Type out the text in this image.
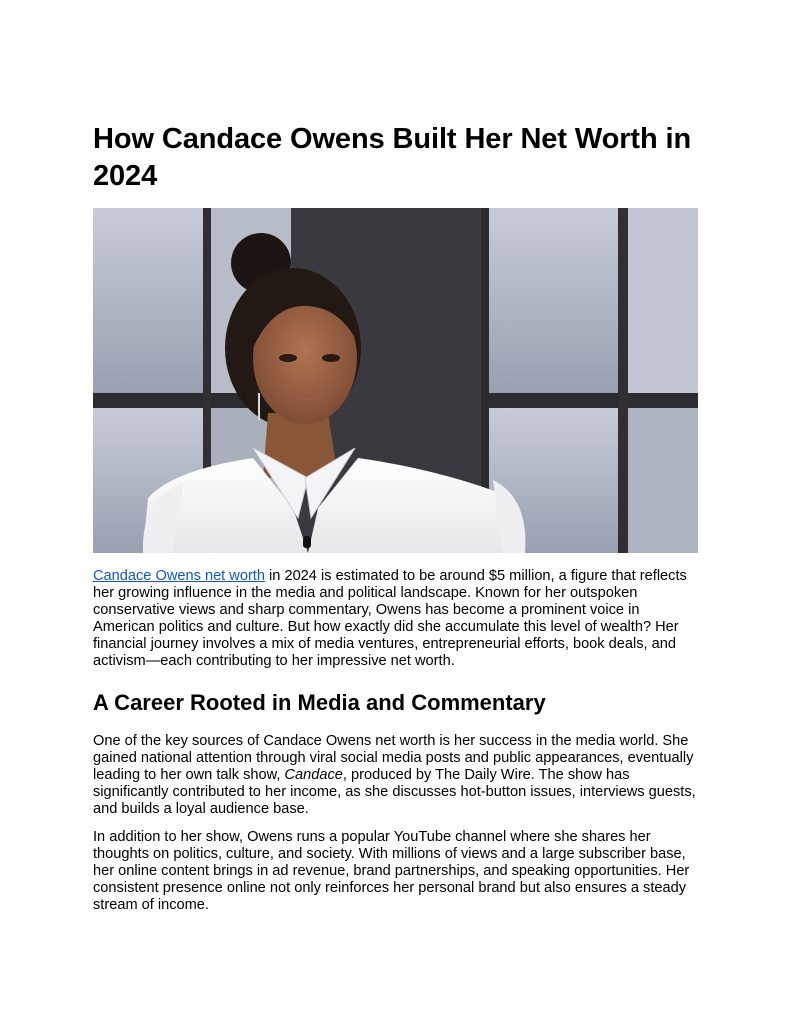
How Candace Owens Built Her Net Worth in 2024

Candace Owens net worth in 2024 is estimated to be around $5 million, a figure that reflects her growing influence in the media and political landscape. Known for her outspoken conservative views and sharp commentary, Owens has become a prominent voice in American politics and culture. But how exactly did she accumulate this level of wealth? Her financial journey involves a mix of media ventures, entrepreneurial efforts, book deals, and activism—each contributing to her impressive net worth.

A Career Rooted in Media and Commentary

One of the key sources of Candace Owens net worth is her success in the media world. She gained national attention through viral social media posts and public appearances, eventually leading to her own talk show, Candace, produced by The Daily Wire. The show has significantly contributed to her income, as she discusses hot-button issues, interviews guests, and builds a loyal audience base.

In addition to her show, Owens runs a popular YouTube channel where she shares her thoughts on politics, culture, and society. With millions of views and a large subscriber base, her online content brings in ad revenue, brand partnerships, and speaking opportunities. Her consistent presence online not only reinforces her personal brand but also ensures a steady stream of income.
